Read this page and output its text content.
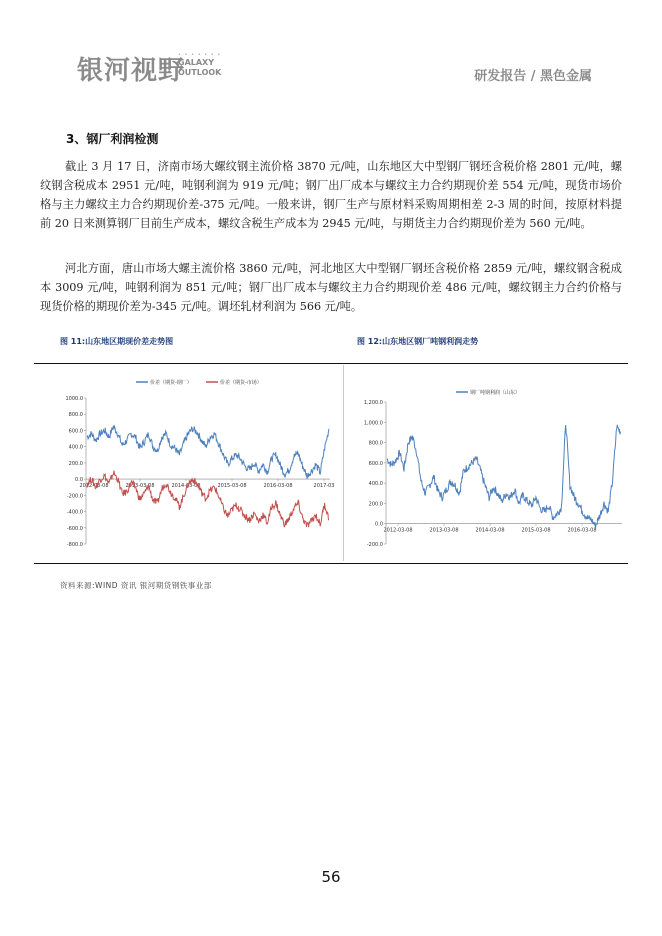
银河视野
• • • • • • •
GALAXY
OUTLOOK	研发报告 / 黑色金属
3、钢厂利润检测
截止 3 月 17 日，济南市场大螺纹钢主流价格 3870 元/吨，山东地区大中型钢厂钢坯含税价格 2801 元/吨，螺纹钢含税成本 2951 元/吨，吨钢利润为 919 元/吨；钢厂出厂成本与螺纹主力合约期现价差 554 元/吨，现货市场价格与主力螺纹主力合约期现价差-375 元/吨。一般来讲，钢厂生产与原材料采购周期相差 2-3 周的时间，按原材料提前 20 日来测算钢厂目前生产成本，螺纹含税生产成本为 2945 元/吨，与期货主力合约期现价差为 560 元/吨。
河北方面，唐山市场大螺主流价格 3860 元/吨，河北地区大中型钢厂钢坯含税价格 2859 元/吨，螺纹钢含税成本 3009 元/吨，吨钢利润为 851 元/吨；钢厂出厂成本与螺纹主力合约期现价差 486 元/吨，螺纹钢主力合约价格与现货价格的期现价差为-345 元/吨。调坯轧材利润为 566 元/吨。
图 11:山东地区期现价差走势图	图 12:山东地区钢厂吨钢利润走势
1000.0
800.0
600.0
400.0
200.0
0.0
-200.0
-400.0
-600.0
-800.0
2012-03-08	2013-03-08	2014-03-08	2015-03-08	2016-03-08	2017-03
价差（期货-钢厂）	价差（期货-市场）
1,200.0
1,000.0
800.0
600.0
400.0
200.0
0.0
-200.0
2012-03-08	2013-03-08	2014-03-08	2015-03-08	2016-03-08
钢厂吨钢利润（山东）
资料来源:WIND 资讯 银河期货钢铁事业部
56
